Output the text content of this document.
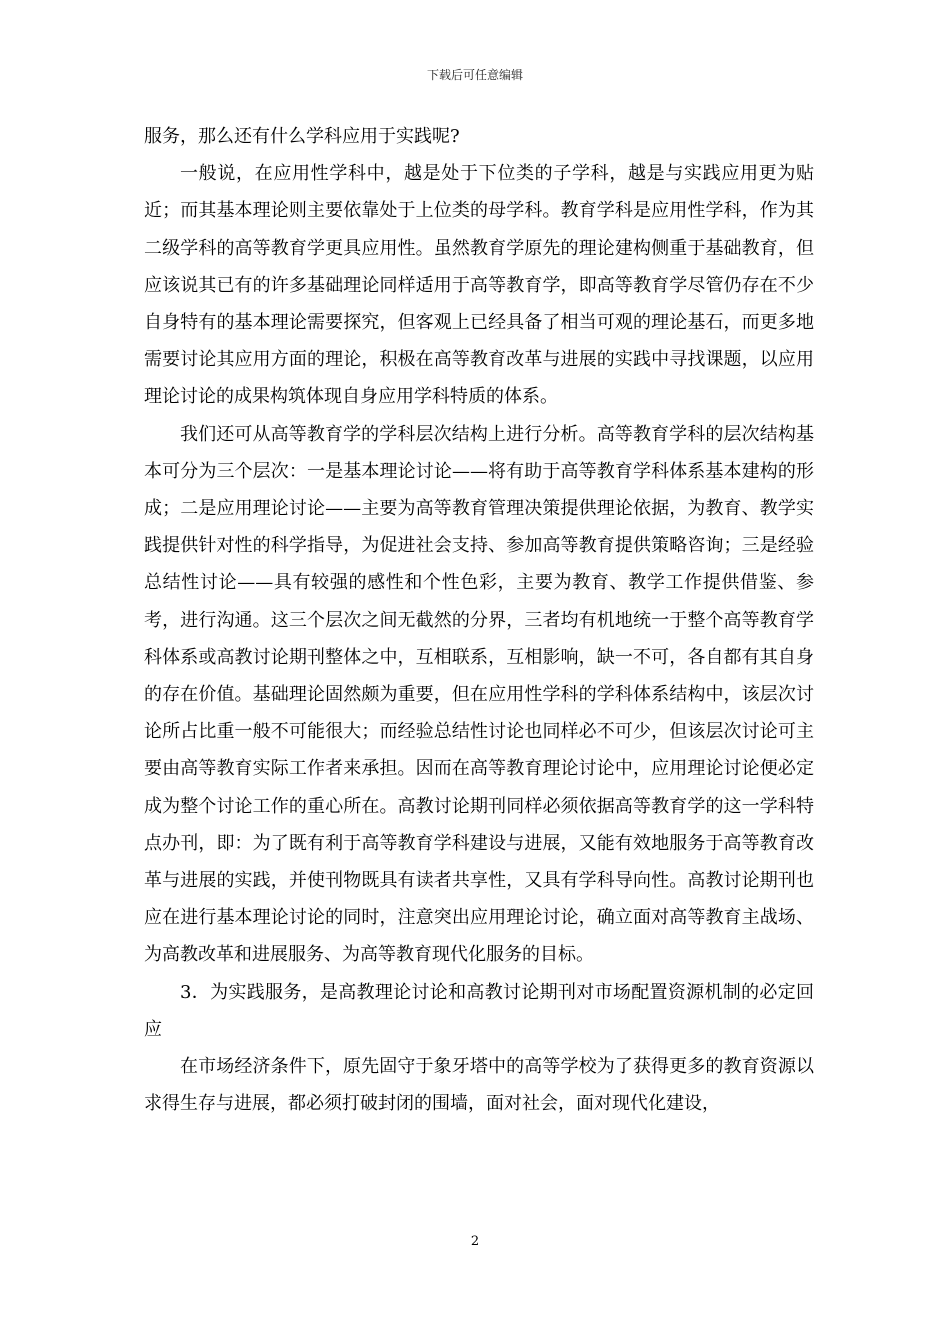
下载后可任意编辑

服务，那么还有什么学科应用于实践呢?

一般说，在应用性学科中，越是处于下位类的子学科，越是与实践应用更为贴近；而其基本理论则主要依靠处于上位类的母学科。教育学科是应用性学科，作为其二级学科的高等教育学更具应用性。虽然教育学原先的理论建构侧重于基础教育，但应该说其已有的许多基础理论同样适用于高等教育学，即高等教育学尽管仍存在不少自身特有的基本理论需要探究，但客观上已经具备了相当可观的理论基石，而更多地需要讨论其应用方面的理论，积极在高等教育改革与进展的实践中寻找课题，以应用理论讨论的成果构筑体现自身应用学科特质的体系。

我们还可从高等教育学的学科层次结构上进行分析。高等教育学科的层次结构基本可分为三个层次：一是基本理论讨论——将有助于高等教育学科体系基本建构的形成；二是应用理论讨论——主要为高等教育管理决策提供理论依据，为教育、教学实践提供针对性的科学指导，为促进社会支持、参加高等教育提供策略咨询；三是经验总结性讨论——具有较强的感性和个性色彩，主要为教育、教学工作提供借鉴、参考，进行沟通。这三个层次之间无截然的分界，三者均有机地统一于整个高等教育学科体系或高教讨论期刊整体之中，互相联系，互相影响，缺一不可，各自都有其自身的存在价值。基础理论固然颇为重要，但在应用性学科的学科体系结构中，该层次讨论所占比重一般不可能很大；而经验总结性讨论也同样必不可少，但该层次讨论可主要由高等教育实际工作者来承担。因而在高等教育理论讨论中，应用理论讨论便必定成为整个讨论工作的重心所在。高教讨论期刊同样必须依据高等教育学的这一学科特点办刊，即：为了既有利于高等教育学科建设与进展，又能有效地服务于高等教育改革与进展的实践，并使刊物既具有读者共享性，又具有学科导向性。高教讨论期刊也应在进行基本理论讨论的同时，注意突出应用理论讨论，确立面对高等教育主战场、为高教改革和进展服务、为高等教育现代化服务的目标。

3．为实践服务，是高教理论讨论和高教讨论期刊对市场配置资源机制的必定回应

在市场经济条件下，原先固守于象牙塔中的高等学校为了获得更多的教育资源以求得生存与进展，都必须打破封闭的围墙，面对社会，面对现代化建设，

2
